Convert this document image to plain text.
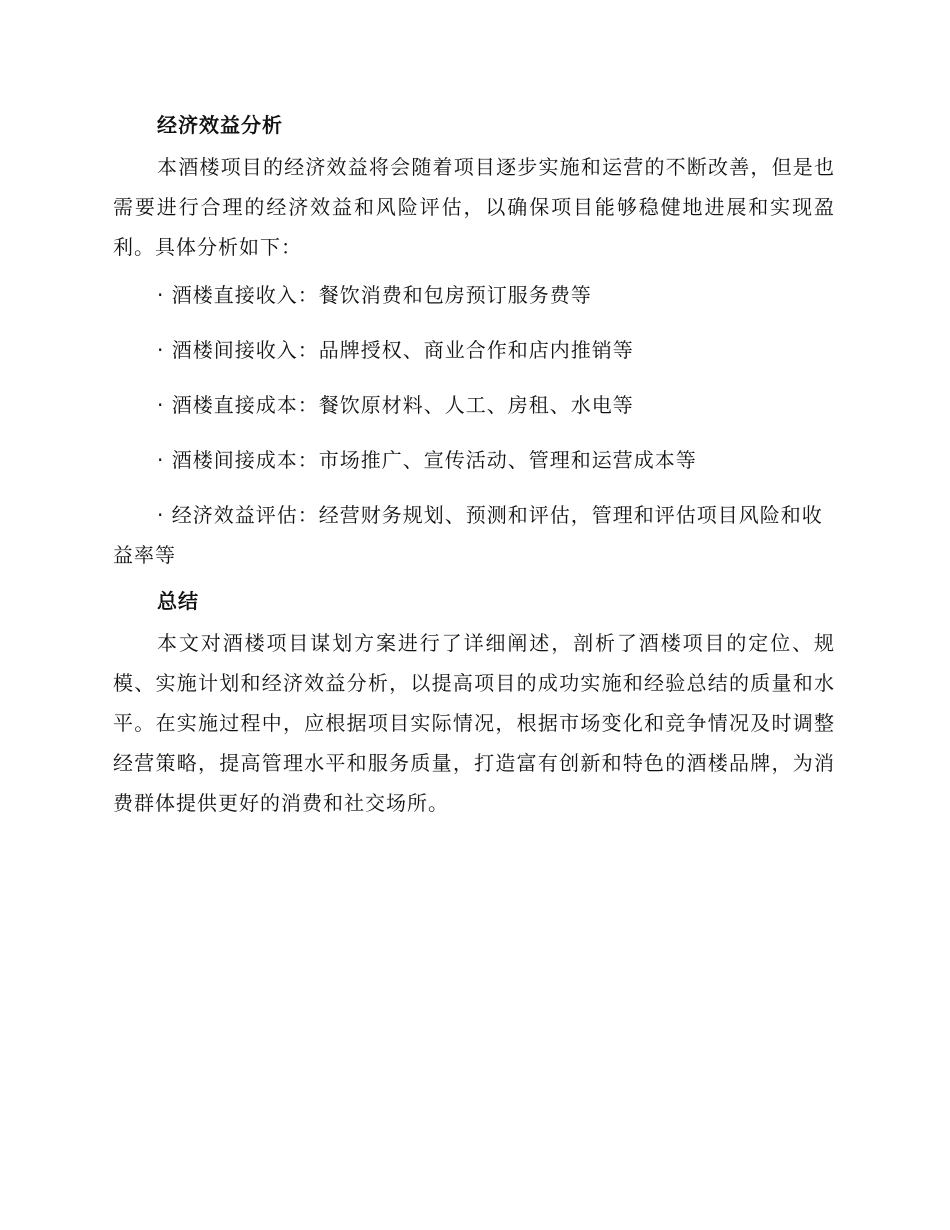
经济效益分析

本酒楼项目的经济效益将会随着项目逐步实施和运营的不断改善，但是也需要进行合理的经济效益和风险评估，以确保项目能够稳健地进展和实现盈利。具体分析如下：

· 酒楼直接收入：餐饮消费和包房预订服务费等

· 酒楼间接收入：品牌授权、商业合作和店内推销等

· 酒楼直接成本：餐饮原材料、人工、房租、水电等

· 酒楼间接成本：市场推广、宣传活动、管理和运营成本等

· 经济效益评估：经营财务规划、预测和评估，管理和评估项目风险和收益率等

总结

本文对酒楼项目谋划方案进行了详细阐述，剖析了酒楼项目的定位、规模、实施计划和经济效益分析，以提高项目的成功实施和经验总结的质量和水平。在实施过程中，应根据项目实际情况，根据市场变化和竞争情况及时调整经营策略，提高管理水平和服务质量，打造富有创新和特色的酒楼品牌，为消费群体提供更好的消费和社交场所。
